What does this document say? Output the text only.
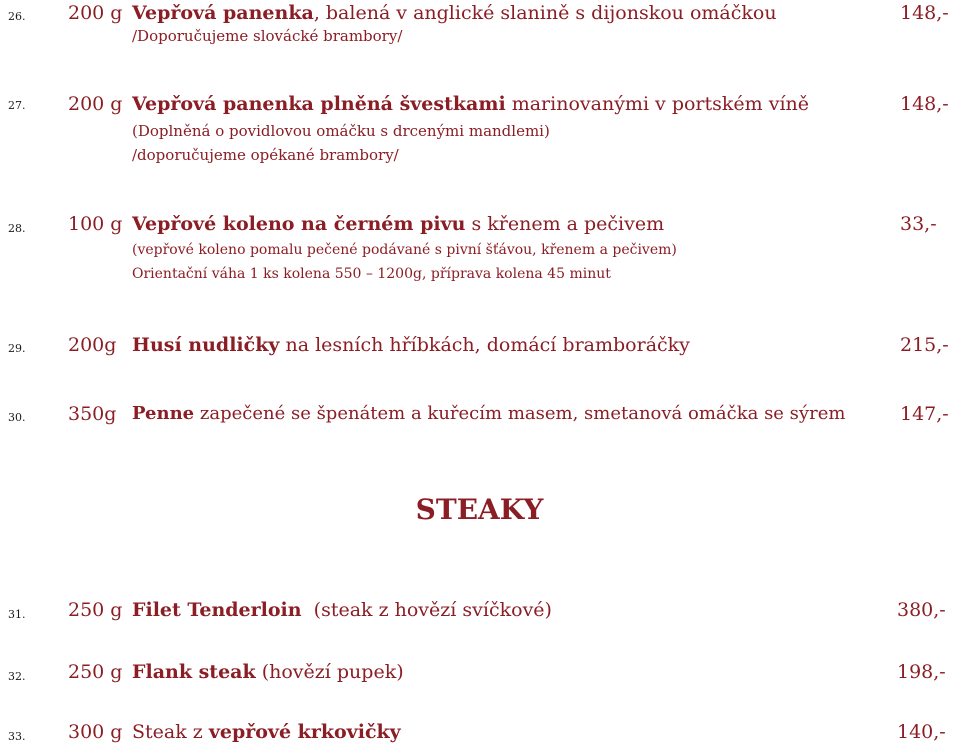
26. 200 g Vepřová panenka, balená v anglické slanině s dijonskou omáčkou	148,-
/Doporučujeme slovácké brambory/
27. 200 g Vepřová panenka plněná švestkami marinovanými v portském víně	148,-
(Doplněná o povidlovou omáčku s drcenými mandlemi)
/doporučujeme opékané brambory/
28. 100 g Vepřové koleno na černém pivu s křenem a pečivem	33,-
(vepřové koleno pomalu pečené podávané s pivní šťávou, křenem a pečivem)
Orientační váha 1 ks kolena 550 – 1200g, příprava kolena 45 minut
29. 200g Husí nudličky na lesních hříbkách, domácí bramboráčky	215,-
30. 350g Penne zapečené se špenátem a kuřecím masem, smetanová omáčka se sýrem	147,-
STEAKY
31. 250 g Filet Tenderloin  (steak z hovězí svíčkové)	380,-
32. 250 g Flank steak (hovězí pupek)	198,-
33. 300 g Steak z vepřové krkovičky	140,-
